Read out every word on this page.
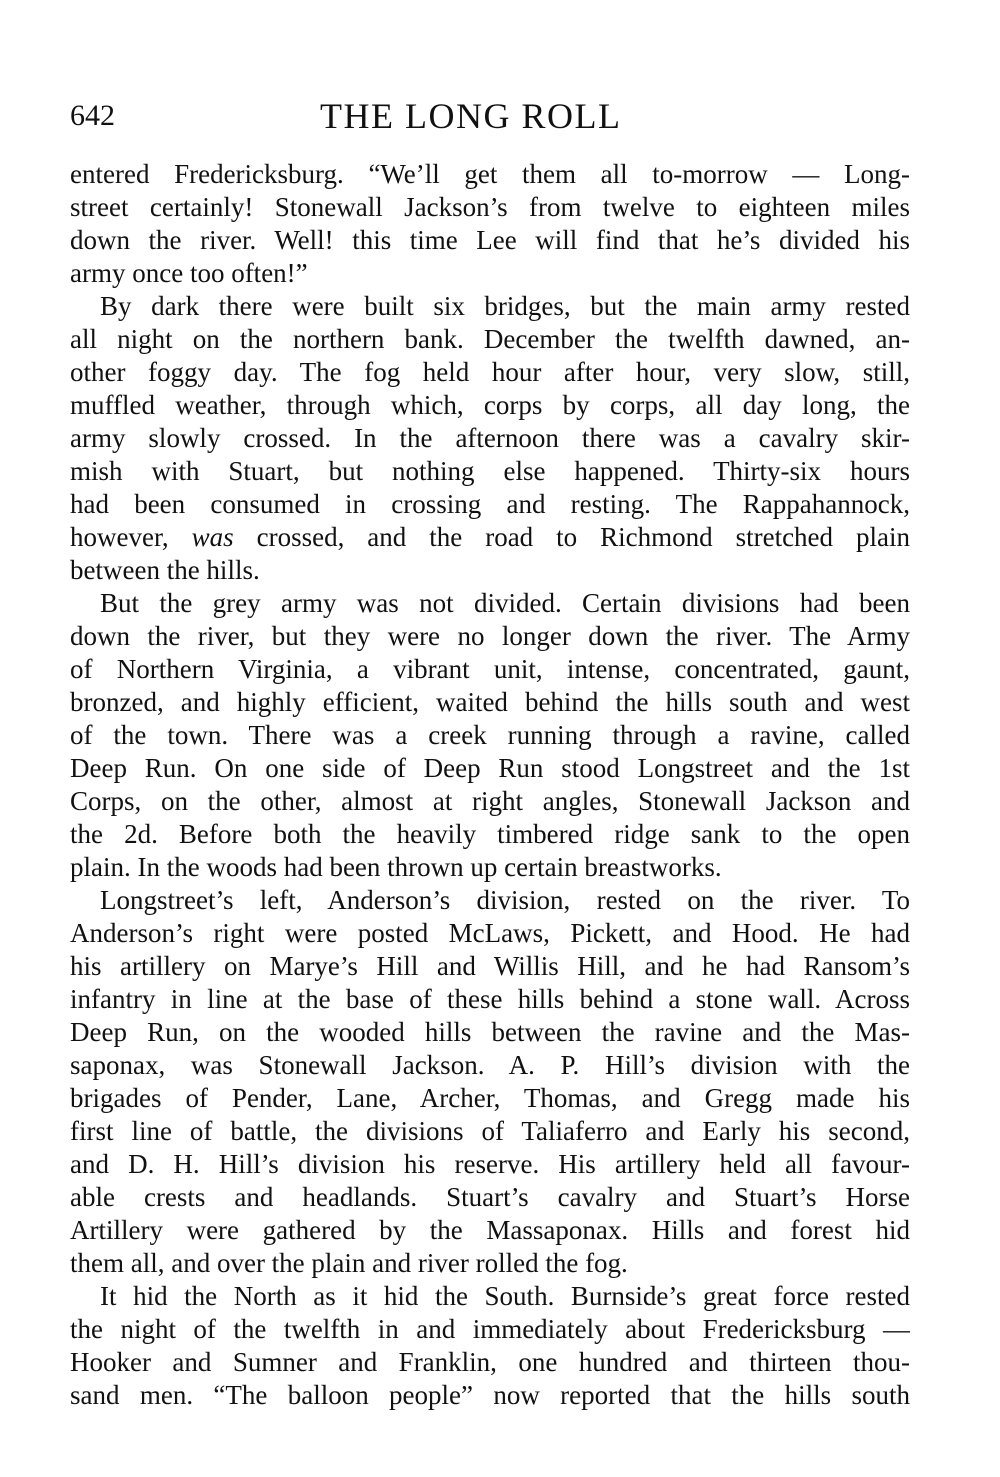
642	THE LONG ROLL
entered Fredericksburg. “We’ll get them all to-morrow — Long-
street certainly! Stonewall Jackson’s from twelve to eighteen miles
down the river. Well! this time Lee will find that he’s divided his
army once too often!”
By dark there were built six bridges, but the main army rested
all night on the northern bank. December the twelfth dawned, an-
other foggy day. The fog held hour after hour, very slow, still,
muffled weather, through which, corps by corps, all day long, the
army slowly crossed. In the afternoon there was a cavalry skir-
mish with Stuart, but nothing else happened. Thirty-six hours
had been consumed in crossing and resting. The Rappahannock,
however, was crossed, and the road to Richmond stretched plain
between the hills.
But the grey army was not divided. Certain divisions had been
down the river, but they were no longer down the river. The Army
of Northern Virginia, a vibrant unit, intense, concentrated, gaunt,
bronzed, and highly efficient, waited behind the hills south and west
of the town. There was a creek running through a ravine, called
Deep Run. On one side of Deep Run stood Longstreet and the 1st
Corps, on the other, almost at right angles, Stonewall Jackson and
the 2d. Before both the heavily timbered ridge sank to the open
plain. In the woods had been thrown up certain breastworks.
Longstreet’s left, Anderson’s division, rested on the river. To
Anderson’s right were posted McLaws, Pickett, and Hood. He had
his artillery on Marye’s Hill and Willis Hill, and he had Ransom’s
infantry in line at the base of these hills behind a stone wall. Across
Deep Run, on the wooded hills between the ravine and the Mas-
saponax, was Stonewall Jackson. A. P. Hill’s division with the
brigades of Pender, Lane, Archer, Thomas, and Gregg made his
first line of battle, the divisions of Taliaferro and Early his second,
and D. H. Hill’s division his reserve. His artillery held all favour-
able crests and headlands. Stuart’s cavalry and Stuart’s Horse
Artillery were gathered by the Massaponax. Hills and forest hid
them all, and over the plain and river rolled the fog.
It hid the North as it hid the South. Burnside’s great force rested
the night of the twelfth in and immediately about Fredericksburg —
Hooker and Sumner and Franklin, one hundred and thirteen thou-
sand men. “The balloon people” now reported that the hills south
